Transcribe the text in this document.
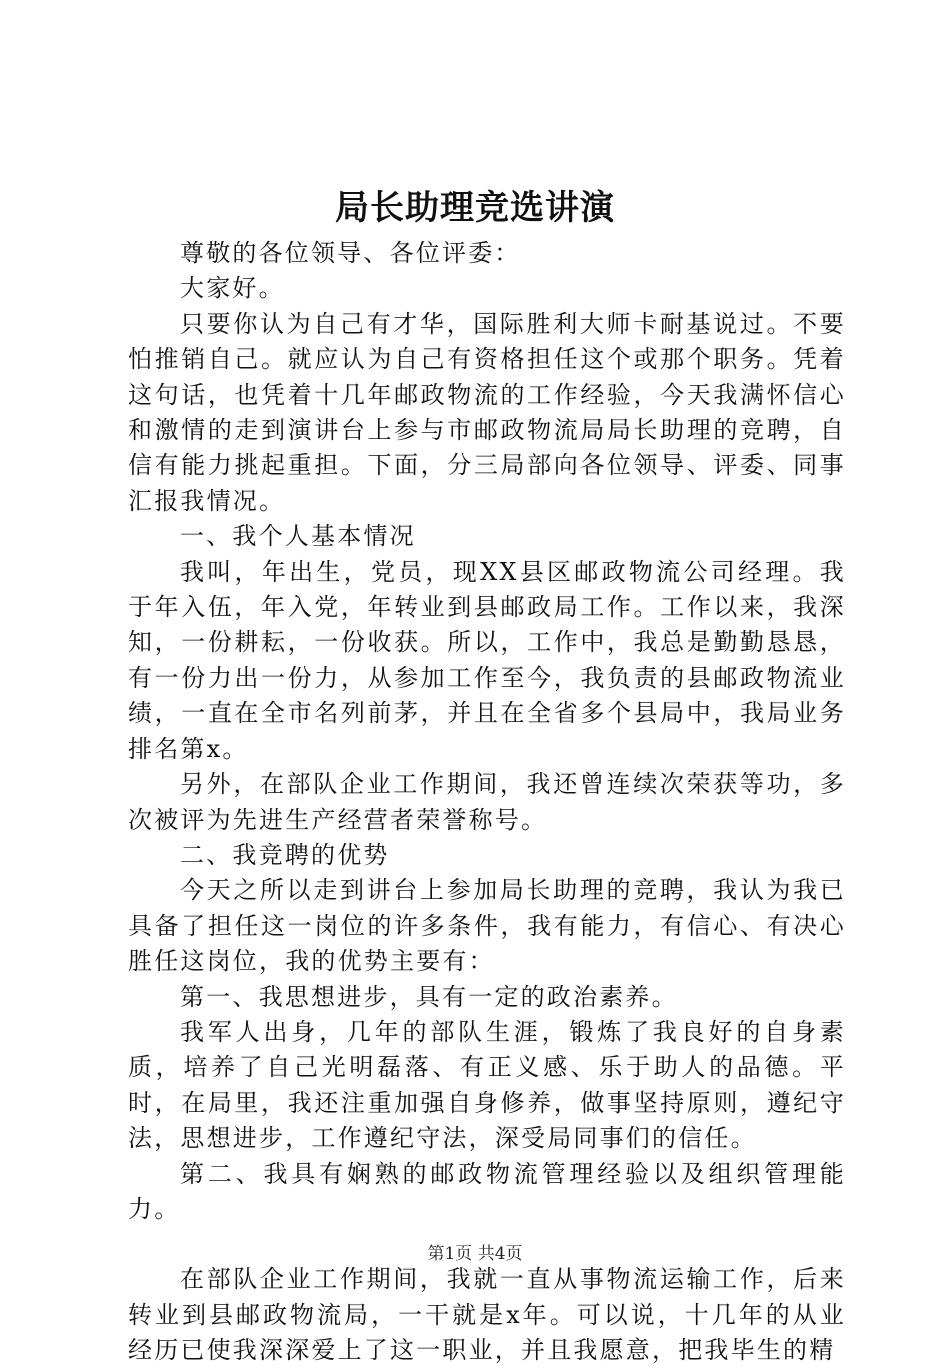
局长助理竞选讲演

尊敬的各位领导、各位评委：

大家好。

只要你认为自己有才华，国际胜利大师卡耐基说过。不要怕推销自己。就应认为自己有资格担任这个或那个职务。凭着这句话，也凭着十几年邮政物流的工作经验，今天我满怀信心和激情的走到演讲台上参与市邮政物流局局长助理的竞聘，自信有能力挑起重担。下面，分三局部向各位领导、评委、同事汇报我情况。

一、我个人基本情况

我叫，年出生，党员，现XX县区邮政物流公司经理。我于年入伍，年入党，年转业到县邮政局工作。工作以来，我深知，一份耕耘，一份收获。所以，工作中，我总是勤勤恳恳，有一份力出一份力，从参加工作至今，我负责的县邮政物流业绩，一直在全市名列前茅，并且在全省多个县局中，我局业务排名第x。

另外，在部队企业工作期间，我还曾连续次荣获等功，多次被评为先进生产经营者荣誉称号。

二、我竞聘的优势

今天之所以走到讲台上参加局长助理的竞聘，我认为我已具备了担任这一岗位的许多条件，我有能力，有信心、有决心胜任这岗位，我的优势主要有：

第一、我思想进步，具有一定的政治素养。

我军人出身，几年的部队生涯，锻炼了我良好的自身素质，培养了自己光明磊落、有正义感、乐于助人的品德。平时，在局里，我还注重加强自身修养，做事坚持原则，遵纪守法，思想进步，工作遵纪守法，深受局同事们的信任。

第二、我具有娴熟的邮政物流管理经验以及组织管理能力。

在部队企业工作期间，我就一直从事物流运输工作，后来转业到县邮政物流局，一干就是x年。可以说，十几年的从业经历已使我深深爱上了这一职业，并且我愿意，把我毕生的精

第1页 共4页
